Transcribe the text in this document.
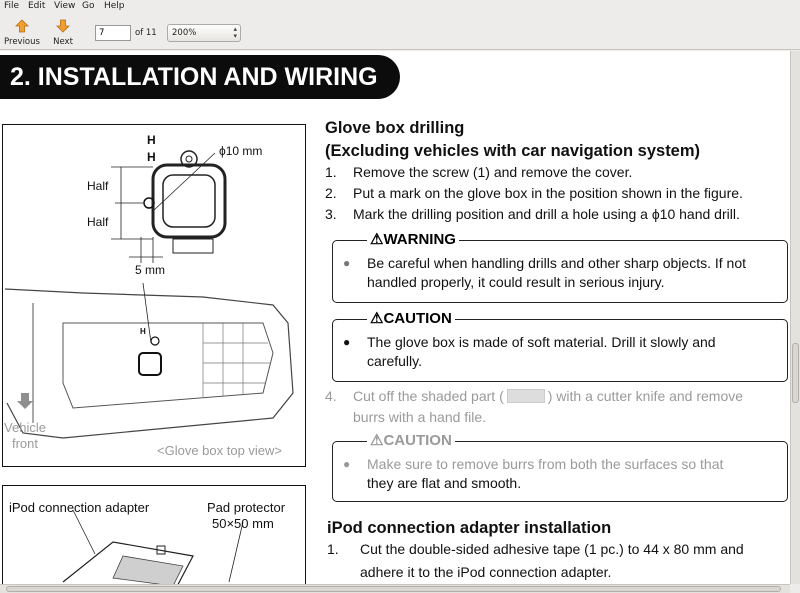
File Edit View Go Help
Previous	Next
7	of 11	200%	▴
▾
2. INSTALLATION AND WIRING
ϕ10 mm
H
H
Half
Half
5 mm
H
Vehicle
front	<Glove box top view>
iPod connection adapter	Pad protector
50×50 mm
Glove box drilling
(Excluding vehicles with car navigation system)
1. Remove the screw (1) and remove the cover.
2. Put a mark on the glove box in the position shown in the figure.
3. Mark the drilling position and drill a hole using a ϕ10 hand drill.
⚠WARNING
● Be careful when handling drills and other sharp objects. If not
handled properly, it could result in serious injury.
⚠CAUTION
● The glove box is made of soft material. Drill it slowly and
carefully.
4. Cut off the shaded part (	) with a cutter knife and remove
burrs with a hand file.
⚠CAUTION
● Make sure to remove burrs from both the surfaces so that
they are flat and smooth.
iPod connection adapter installation
1. Cut the double-sided adhesive tape (1 pc.) to 44 x 80 mm and
adhere it to the iPod connection adapter.
